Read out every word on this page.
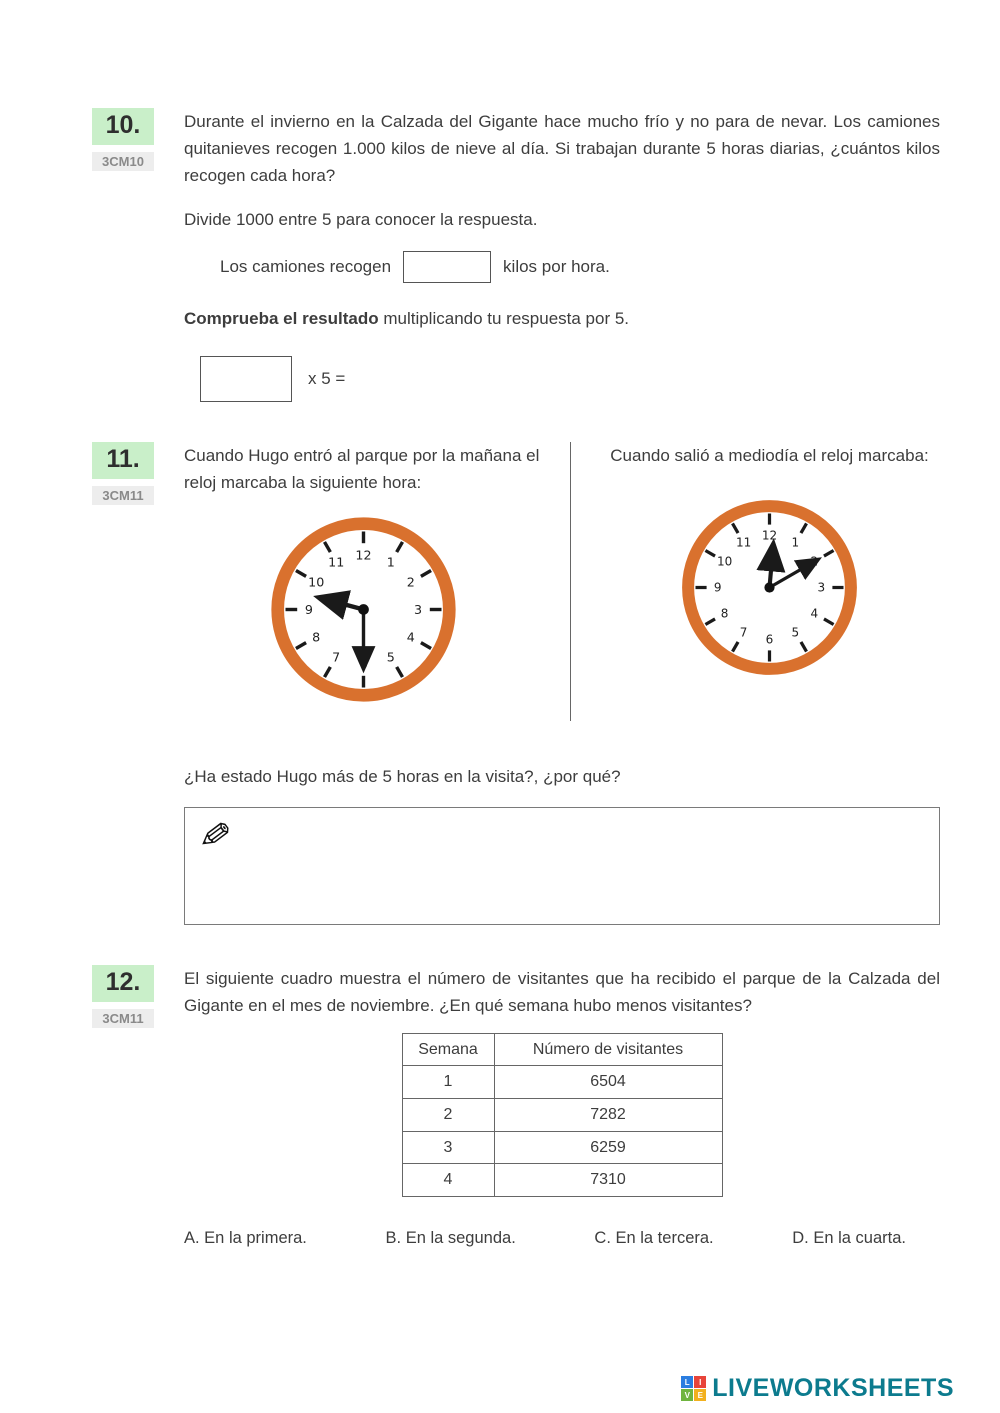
10.
3CM10

Durante el invierno en la Calzada del Gigante hace mucho frío y no para de nevar. Los camiones quitanieves recogen 1.000 kilos de nieve al día. Si trabajan durante 5 horas diarias, ¿cuántos kilos recogen cada hora?

Divide 1000 entre 5 para conocer la respuesta.

Los camiones recogen	kilos por hora.

Comprueba el resultado multiplicando tu respuesta por 5.

x 5 =
11.
3CM11

Cuando Hugo entró al parque por la mañana el reloj marcaba la siguiente hora:

12 1
2
3
4
5
6
7
8
9
10
11

Cuando salió a mediodía el reloj marcaba:

12 1
2
3
4
5
6
7
8
9
10
11

¿Ha estado Hugo más de 5 horas en la visita?, ¿por qué?

✎
12.
3CM11

El siguiente cuadro muestra el número de visitantes que ha recibido el parque de la Calzada del Gigante en el mes de noviembre. ¿En qué semana hubo menos visitantes?

Semana	Número de visitantes
1	6504
2	7282
3	6259
4	7310
A. En la primera.	B. En la segunda.	C. En la tercera.	D. En la cuarta.
L	I
V E LIVEWORKSHEETS
